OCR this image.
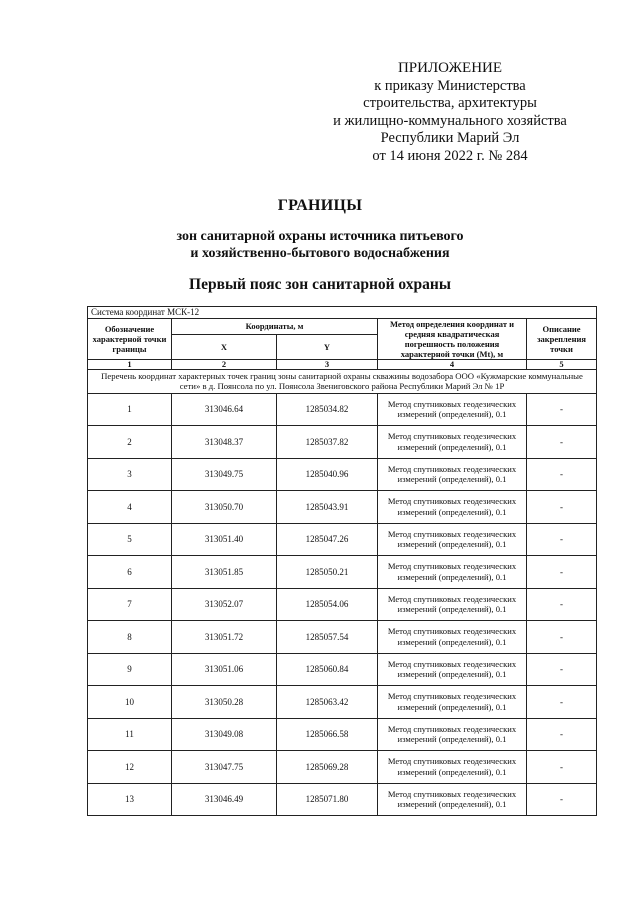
ПРИЛОЖЕНИЕ
к приказу Министерства
строительства, архитектуры
и жилищно-коммунального хозяйства
Республики Марий Эл
от 14 июня 2022 г. № 284
ГРАНИЦЫ
зон санитарной охраны источника питьевого
и хозяйственно-бытового водоснабжения
Первый пояс зон санитарной охраны
Система координат МСК-12				
Обозначение характерной точки границы	Координаты, м		Метод определения координат и средняя квадратическая погрешность положения характерной точки (Mt), м	Описание закрепления точки
	X	Y		
1	2	3	4	5
Перечень координат характерных точек границ зоны санитарной охраны скважины водозабора ООО «Кужмарские коммунальные сети» в д. Поянсола по ул. Поянсола Звениговского района Республики Марий Эл № 1Р				
1	313046.64	1285034.82	Метод спутниковых геодезических измерений (определений), 0.1	-
2	313048.37	1285037.82	Метод спутниковых геодезических измерений (определений), 0.1	-
3	313049.75	1285040.96	Метод спутниковых геодезических измерений (определений), 0.1	-
4	313050.70	1285043.91	Метод спутниковых геодезических измерений (определений), 0.1	-
5	313051.40	1285047.26	Метод спутниковых геодезических измерений (определений), 0.1	-
6	313051.85	1285050.21	Метод спутниковых геодезических измерений (определений), 0.1	-
7	313052.07	1285054.06	Метод спутниковых геодезических измерений (определений), 0.1	-
8	313051.72	1285057.54	Метод спутниковых геодезических измерений (определений), 0.1	-
9	313051.06	1285060.84	Метод спутниковых геодезических измерений (определений), 0.1	-
10	313050.28	1285063.42	Метод спутниковых геодезических измерений (определений), 0.1	-
11	313049.08	1285066.58	Метод спутниковых геодезических измерений (определений), 0.1	-
12	313047.75	1285069.28	Метод спутниковых геодезических измерений (определений), 0.1	-
13	313046.49	1285071.80	Метод спутниковых геодезических измерений (определений), 0.1	-
